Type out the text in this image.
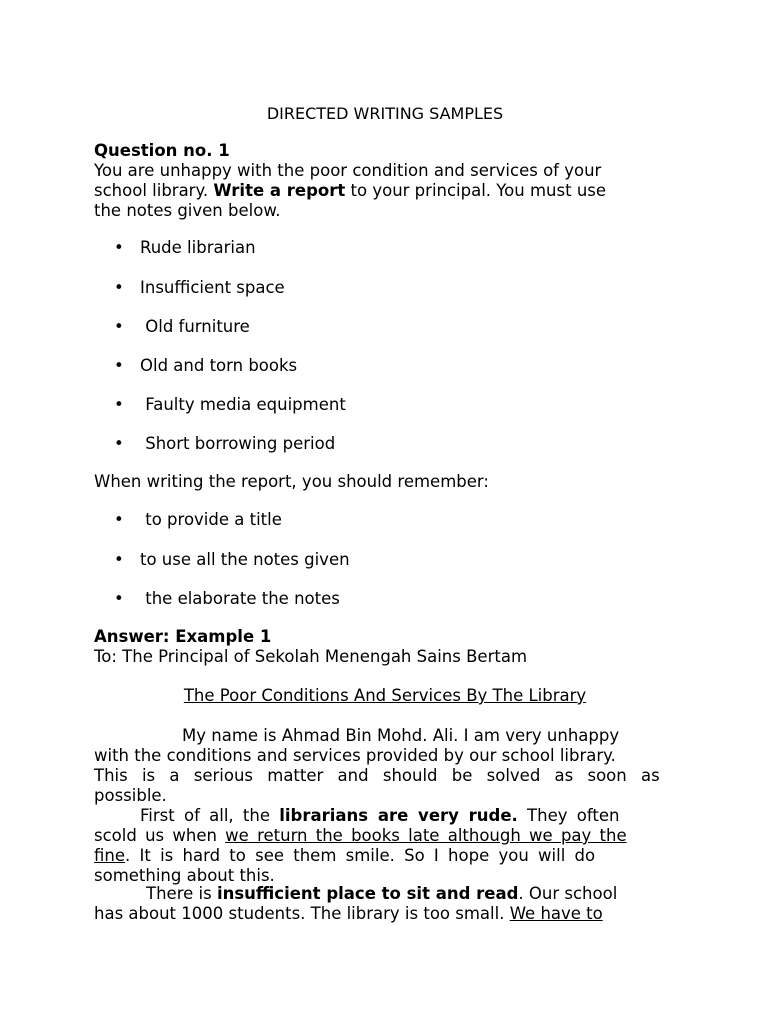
DIRECTED WRITING SAMPLES
Question no. 1
You are unhappy with the poor condition and services of your
school library. Write a report to your principal. You must use
the notes given below.
• Rude librarian
• Insufficient space
• Old furniture
• Old and torn books
• Faulty media equipment
• Short borrowing period
When writing the report, you should remember:
• to provide a title
• to use all the notes given
• the elaborate the notes
Answer: Example 1
To: The Principal of Sekolah Menengah Sains Bertam
The Poor Conditions And Services By The Library
My name is Ahmad Bin Mohd. Ali. I am very unhappy
with the conditions and services provided by our school library.
This is a serious matter and should be solved as soon as
possible.
First of all, the librarians are very rude. They often
scold us when we return the books late although we pay the
fine. It is hard to see them smile. So I hope you will do
something about this.
There is insufficient place to sit and read. Our school
has about 1000 students. The library is too small. We have to
